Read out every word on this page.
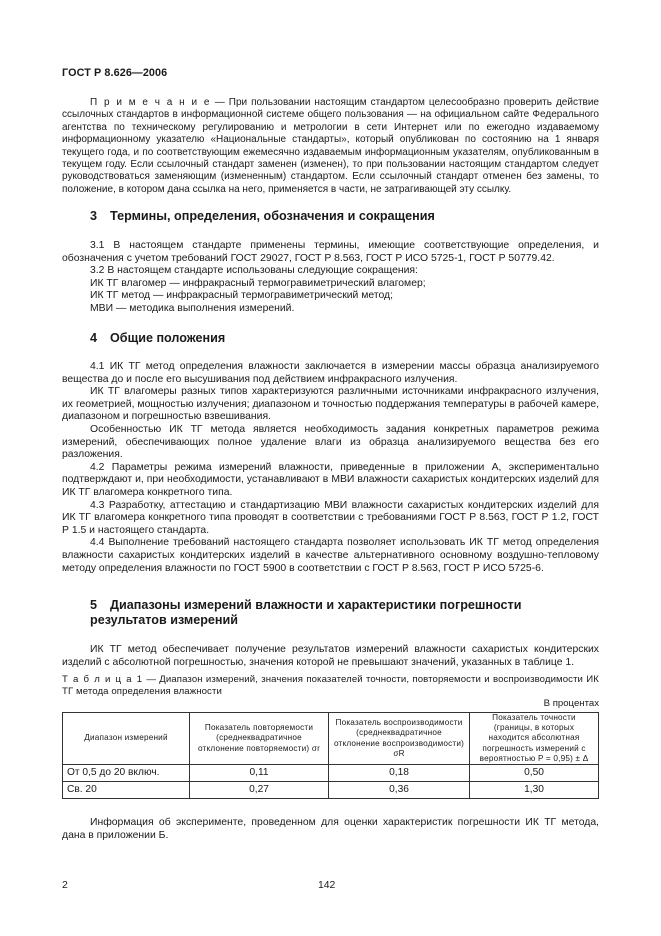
ГОСТ Р 8.626—2006

П р и м е ч а н и е — При пользовании настоящим стандартом целесообразно проверить действие ссылочных стандартов в информационной системе общего пользования — на официальном сайте Федерального агентства по техническому регулированию и метрологии в сети Интернет или по ежегодно издаваемому информационному указателю «Национальные стандарты», который опубликован по состоянию на 1 января текущего года, и по соответствующим ежемесячно издаваемым информационным указателям, опубликованным в текущем году. Если ссылочный стандарт заменен (изменен), то при пользовании настоящим стандартом следует руководствоваться заменяющим (измененным) стандартом. Если ссылочный стандарт отменен без замены, то положение, в котором дана ссылка на него, применяется в части, не затрагивающей эту ссылку.

3 Термины, определения, обозначения и сокращения

3.1 В настоящем стандарте применены термины, имеющие соответствующие определения, и обозначения с учетом требований ГОСТ 29027, ГОСТ Р 8.563, ГОСТ Р ИСО 5725-1, ГОСТ Р 50779.42.

3.2 В настоящем стандарте использованы следующие сокращения:

ИК ТГ влагомер — инфракрасный термогравиметрический влагомер;

ИК ТГ метод — инфракрасный термогравиметрический метод;

МВИ — методика выполнения измерений.

4 Общие положения

4.1 ИК ТГ метод определения влажности заключается в измерении массы образца анализируемого вещества до и после его высушивания под действием инфракрасного излучения.

ИК ТГ влагомеры разных типов характеризуются различными источниками инфракрасного излучения, их геометрией, мощностью излучения; диапазоном и точностью поддержания температуры в рабочей камере, диапазоном и погрешностью взвешивания.

Особенностью ИК ТГ метода является необходимость задания конкретных параметров режима измерений, обеспечивающих полное удаление влаги из образца анализируемого вещества без его разложения.

4.2 Параметры режима измерений влажности, приведенные в приложении А, экспериментально подтверждают и, при необходимости, устанавливают в МВИ влажности сахаристых кондитерских изделий для ИК ТГ влагомера конкретного типа.

4.3 Разработку, аттестацию и стандартизацию МВИ влажности сахаристых кондитерских изделий для ИК ТГ влагомера конкретного типа проводят в соответствии с требованиями ГОСТ Р 8.563, ГОСТ Р 1.2, ГОСТ Р 1.5 и настоящего стандарта.

4.4 Выполнение требований настоящего стандарта позволяет использовать ИК ТГ метод определения влажности сахаристых кондитерских изделий в качестве альтернативного основному воздушно-тепловому методу определения влажности по ГОСТ 5900 в соответствии с ГОСТ Р 8.563, ГОСТ Р ИСО 5725-6.

5 Диапазоны измерений влажности и характеристики погрешности результатов измерений

ИК ТГ метод обеспечивает получение результатов измерений влажности сахаристых кондитерских изделий с абсолютной погрешностью, значения которой не превышают значений, указанных в таблице 1.

Т а б л и ц а 1 — Диапазон измерений, значения показателей точности, повторяемости и воспроизводимости ИК ТГ метода определения влажности
В процентах
Диапазон измерений	Показатель повторяемости (среднеквадратичное отклонение повторяемости) σr	Показатель воспроизводимости (среднеквадратичное отклонение воспроизводимости) σR	Показатель точности (границы, в которых находится абсолютная погрешность измерений с вероятностью P = 0,95) ± Δ
От 0,5 до 20 включ.	0,11	0,18	0,50
Св. 20	0,27	0,36	1,30

Информация об эксперименте, проведенном для оценки характеристик погрешности ИК ТГ метода, дана в приложении Б.

2	142
